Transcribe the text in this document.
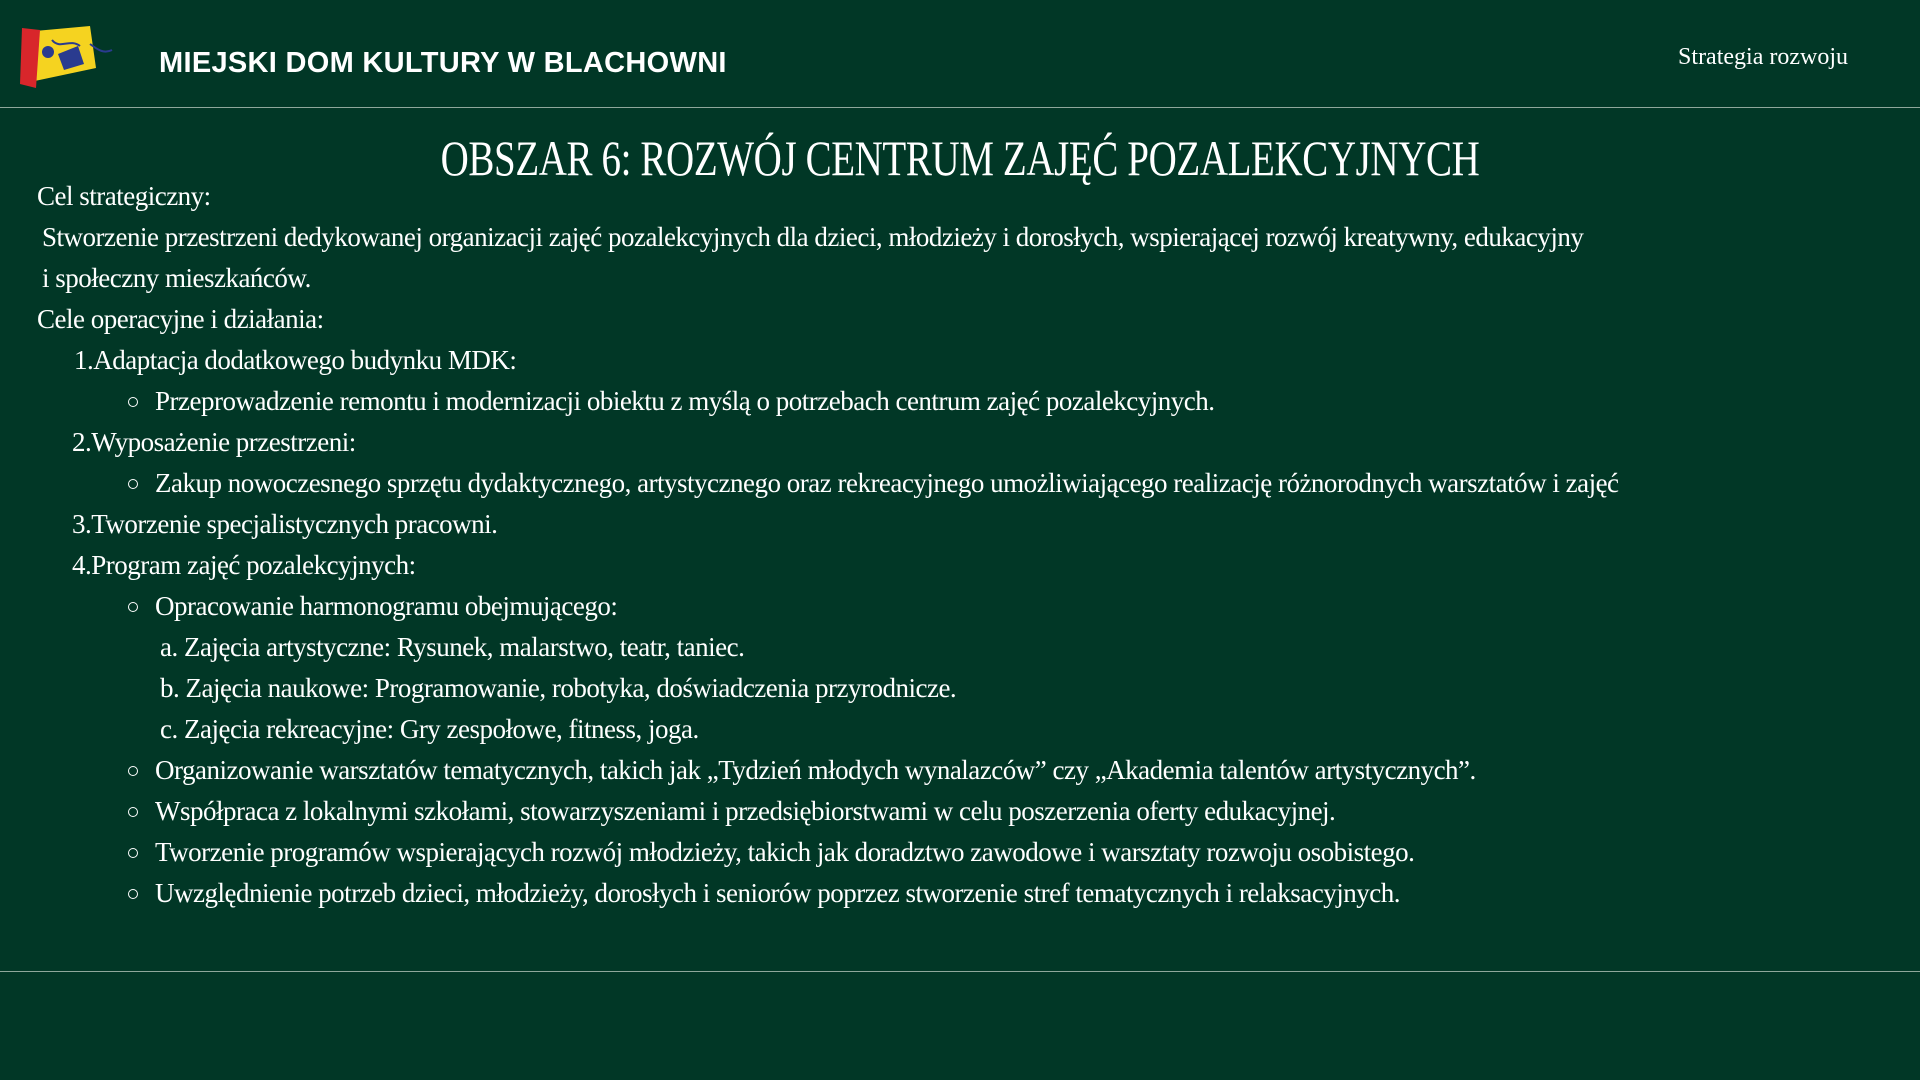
MIEJSKI DOM KULTURY W BLACHOWNI	Strategia rozwoju
OBSZAR 6: ROZWÓJ CENTRUM ZAJĘĆ POZALEKCYJNYCH
Cel strategiczny:
Stworzenie przestrzeni dedykowanej organizacji zajęć pozalekcyjnych dla dzieci, młodzieży i dorosłych, wspierającej rozwój kreatywny, edukacyjny
i społeczny mieszkańców.
Cele operacyjne i działania:
1.Adaptacja dodatkowego budynku MDK:
Przeprowadzenie remontu i modernizacji obiektu z myślą o potrzebach centrum zajęć pozalekcyjnych.
2.Wyposażenie przestrzeni:
Zakup nowoczesnego sprzętu dydaktycznego, artystycznego oraz rekreacyjnego umożliwiającego realizację różnorodnych warsztatów i zajęć
3.Tworzenie specjalistycznych pracowni.
4.Program zajęć pozalekcyjnych:
Opracowanie harmonogramu obejmującego:
a. Zajęcia artystyczne: Rysunek, malarstwo, teatr, taniec.
b. Zajęcia naukowe: Programowanie, robotyka, doświadczenia przyrodnicze.
c. Zajęcia rekreacyjne: Gry zespołowe, fitness, joga.
Organizowanie warsztatów tematycznych, takich jak „Tydzień młodych wynalazców” czy „Akademia talentów artystycznych”.
Współpraca z lokalnymi szkołami, stowarzyszeniami i przedsiębiorstwami w celu poszerzenia oferty edukacyjnej.
Tworzenie programów wspierających rozwój młodzieży, takich jak doradztwo zawodowe i warsztaty rozwoju osobistego.
Uwzględnienie potrzeb dzieci, młodzieży, dorosłych i seniorów poprzez stworzenie stref tematycznych i relaksacyjnych.
